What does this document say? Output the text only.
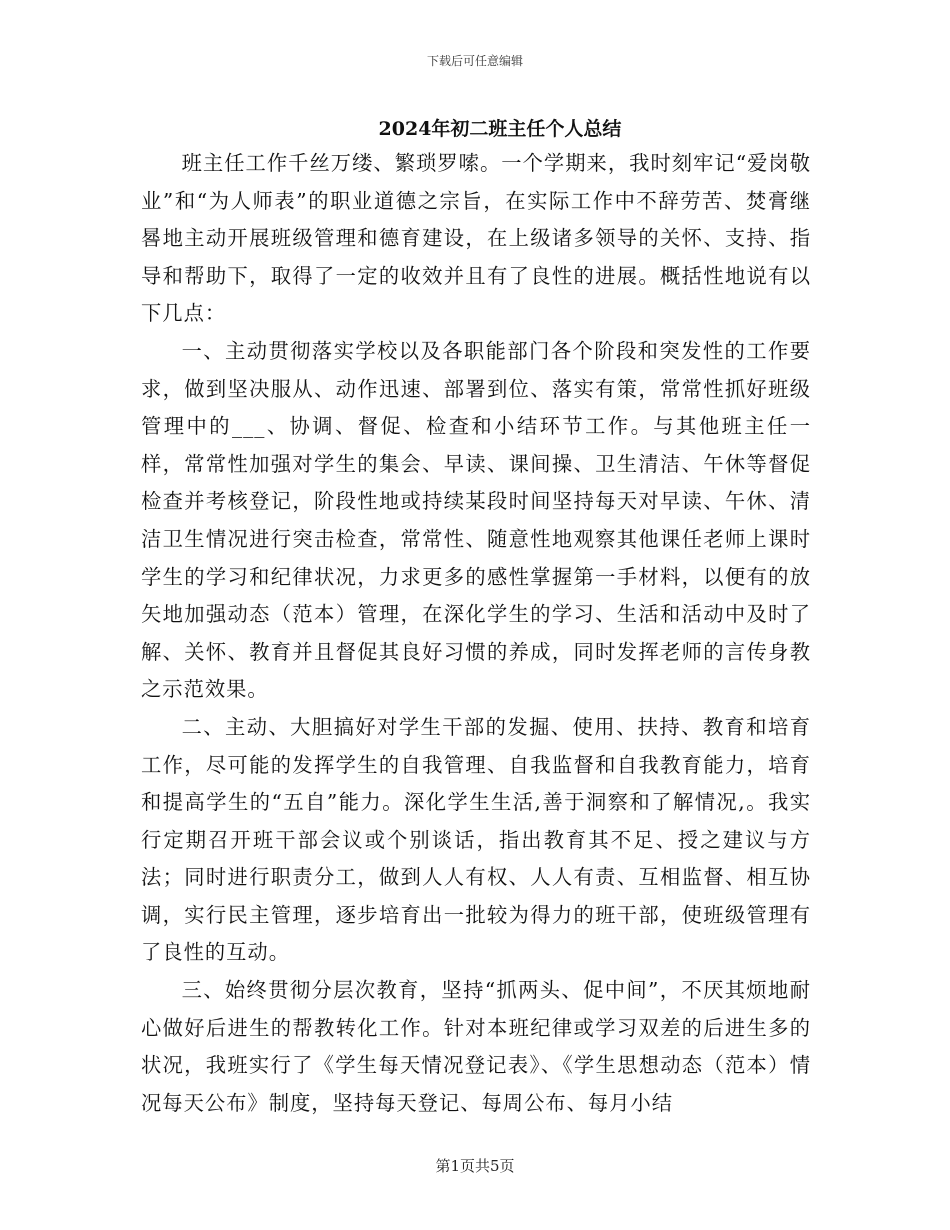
下载后可任意编辑
2024年初二班主任个人总结

班主任工作千丝万缕、繁琐罗嗦。一个学期来，我时刻牢记“爱岗敬业”和“为人师表”的职业道德之宗旨，在实际工作中不辞劳苦、焚膏继晷地主动开展班级管理和德育建设，在上级诸多领导的关怀、支持、指导和帮助下，取得了一定的收效并且有了良性的进展。概括性地说有以下几点：

一、主动贯彻落实学校以及各职能部门各个阶段和突发性的工作要求，做到坚决服从、动作迅速、部署到位、落实有策，常常性抓好班级管理中的___、协调、督促、检查和小结环节工作。与其他班主任一样，常常性加强对学生的集会、早读、课间操、卫生清洁、午休等督促检查并考核登记，阶段性地或持续某段时间坚持每天对早读、午休、清洁卫生情况进行突击检查，常常性、随意性地观察其他课任老师上课时学生的学习和纪律状况，力求更多的感性掌握第一手材料，以便有的放矢地加强动态（范本）管理，在深化学生的学习、生活和活动中及时了解、关怀、教育并且督促其良好习惯的养成，同时发挥老师的言传身教之示范效果。

二、主动、大胆搞好对学生干部的发掘、使用、扶持、教育和培育工作，尽可能的发挥学生的自我管理、自我监督和自我教育能力，培育和提高学生的“五自”能力。深化学生生活,善于洞察和了解情况,。我实行定期召开班干部会议或个别谈话，指出教育其不足、授之建议与方法；同时进行职责分工，做到人人有权、人人有责、互相监督、相互协调，实行民主管理，逐步培育出一批较为得力的班干部，使班级管理有了良性的互动。

三、始终贯彻分层次教育，坚持“抓两头、促中间”，不厌其烦地耐心做好后进生的帮教转化工作。针对本班纪律或学习双差的后进生多的状况，我班实行了《学生每天情况登记表》、《学生思想动态（范本）情况每天公布》制度，坚持每天登记、每周公布、每月小结

第1页共5页
